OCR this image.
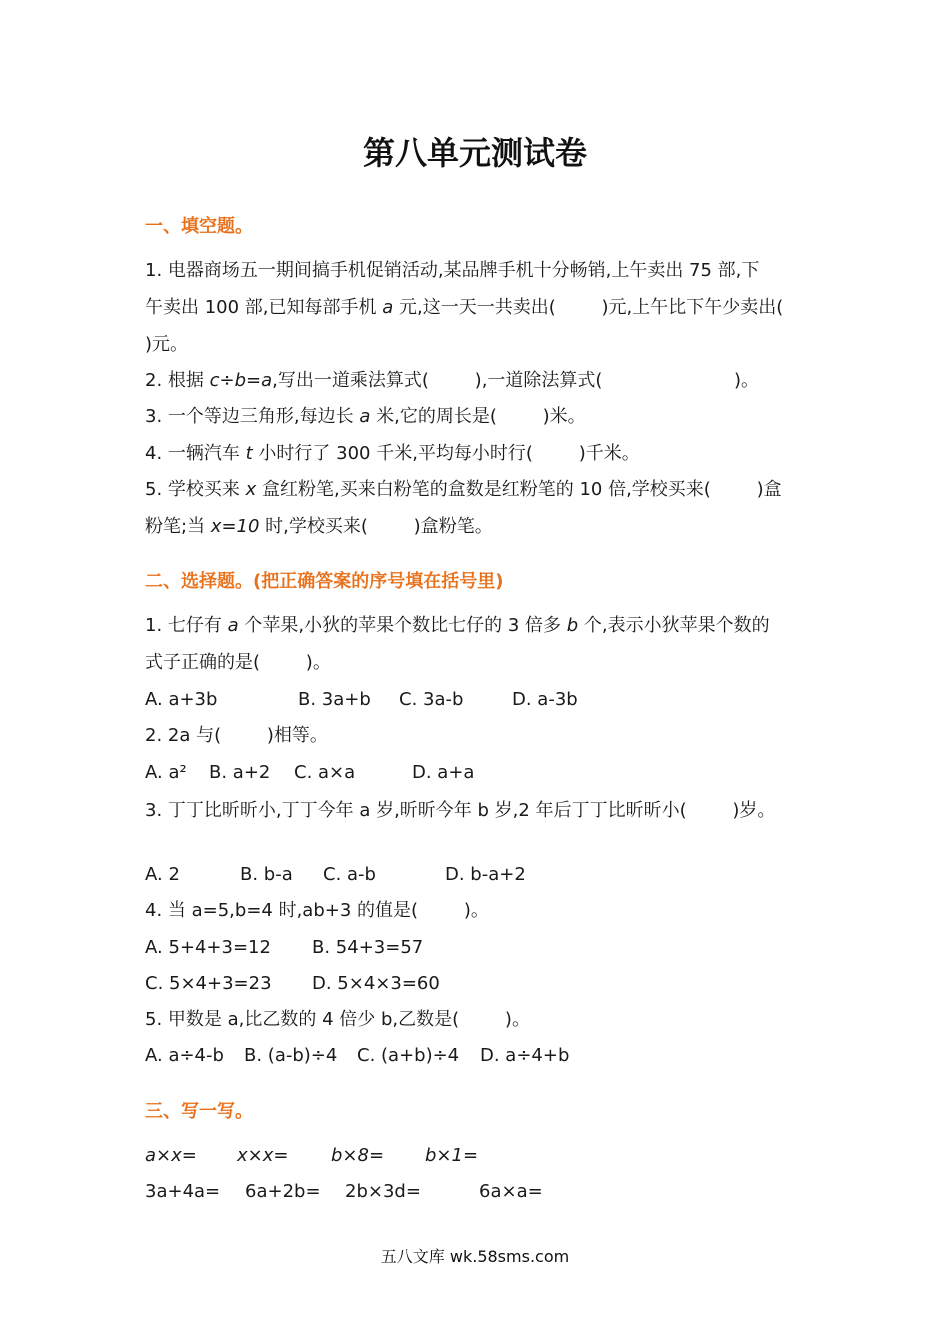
第八单元测试卷
一、填空题。
1. 电器商场五一期间搞手机促销活动,某品牌手机十分畅销,上午卖出 75 部,下
午卖出 100 部,已知每部手机 a 元,这一天一共卖出(        )元,上午比下午少卖出(
)元。
2. 根据 c÷b=a,写出一道乘法算式(        ),一道除法算式(                       )。
3. 一个等边三角形,每边长 a 米,它的周长是(        )米。
4. 一辆汽车 t 小时行了 300 千米,平均每小时行(        )千米。
5. 学校买来 x 盒红粉笔,买来白粉笔的盒数是红粉笔的 10 倍,学校买来(        )盒
粉笔;当 x=10 时,学校买来(        )盒粉笔。
二、选择题。(把正确答案的序号填在括号里)
1. 七仔有 a 个苹果,小狄的苹果个数比七仔的 3 倍多 b 个,表示小狄苹果个数的
式子正确的是(        )。
A. a+3b	B. 3a+b C. 3a-b	D. a-3b
2. 2a 与(        )相等。
A. a² B. a+2 C. a×a	D. a+a
3. 丁丁比昕昕小,丁丁今年 a 岁,昕昕今年 b 岁,2 年后丁丁比昕昕小(        )岁。
A. 2	B. b-a C. a-b	D. b-a+2
4. 当 a=5,b=4 时,ab+3 的值是(        )。
A. 5+4+3=12 B. 54+3=57
C. 5×4+3=23 D. 5×4×3=60
5. 甲数是 a,比乙数的 4 倍少 b,乙数是(        )。
A. a÷4-b B. (a-b)÷4 C. (a+b)÷4 D. a÷4+b
三、写一写。
a×x= x×x= b×8= b×1=
3a+4a= 6a+2b= 2b×3d=	6a×a=
五八文库 wk.58sms.com
